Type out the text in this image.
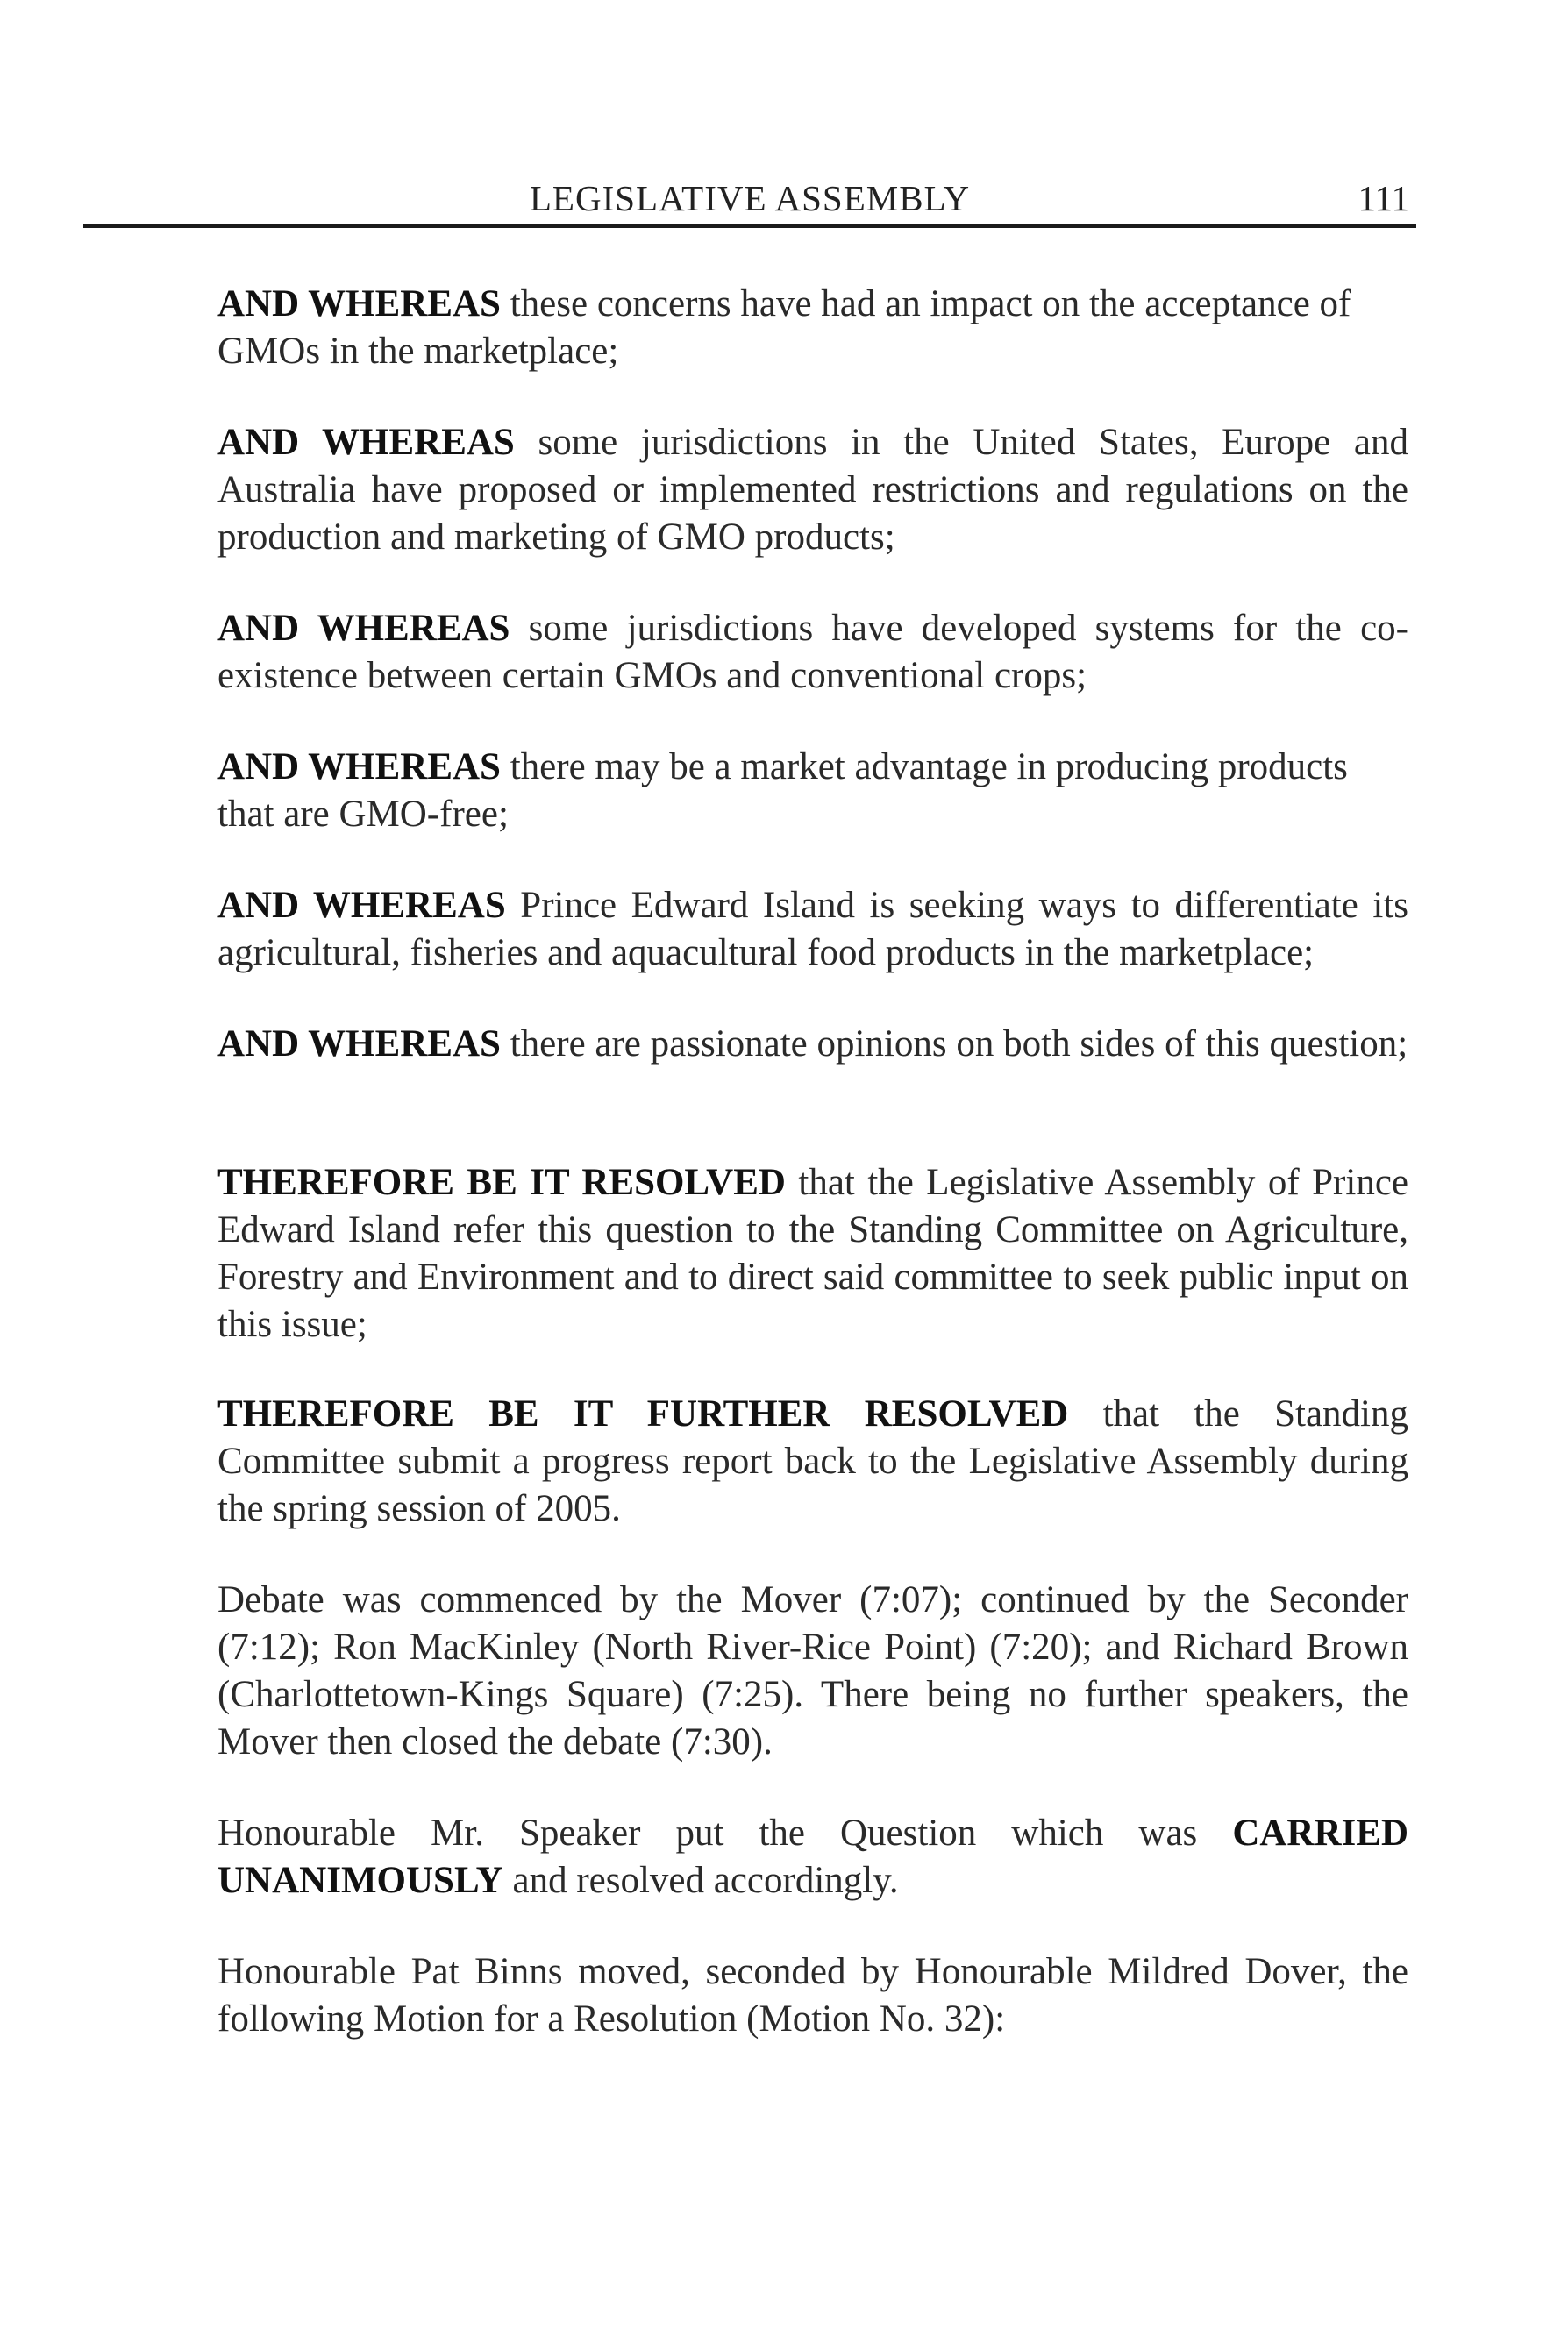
LEGISLATIVE ASSEMBLY	111

AND WHEREAS these concerns have had an impact on the acceptance of GMOs in the marketplace;

AND WHEREAS some jurisdictions in the United States, Europe and Australia have proposed or implemented restrictions and regulations on the production and marketing of GMO products;

AND WHEREAS some jurisdictions have developed systems for the co-existence between certain GMOs and conventional crops;

AND WHEREAS there may be a market advantage in producing products that are GMO-free;

AND WHEREAS Prince Edward Island is seeking ways to differentiate its agricultural, fisheries and aquacultural food products in the marketplace;

AND WHEREAS there are passionate opinions on both sides of this question;

THEREFORE BE IT RESOLVED that the Legislative Assembly of Prince Edward Island refer this question to the Standing Committee on Agriculture, Forestry and Environment and to direct said committee to seek public input on this issue;

THEREFORE BE IT FURTHER RESOLVED that the Standing Committee submit a progress report back to the Legislative Assembly during the spring session of 2005.

Debate was commenced by the Mover (7:07); continued by the Seconder (7:12); Ron MacKinley (North River-Rice Point) (7:20); and Richard Brown (Charlottetown-Kings Square) (7:25). There being no further speakers, the Mover then closed the debate (7:30).

Honourable Mr. Speaker put the Question which was CARRIED UNANIMOUSLY and resolved accordingly.

Honourable Pat Binns moved, seconded by Honourable Mildred Dover, the following Motion for a Resolution (Motion No. 32):
